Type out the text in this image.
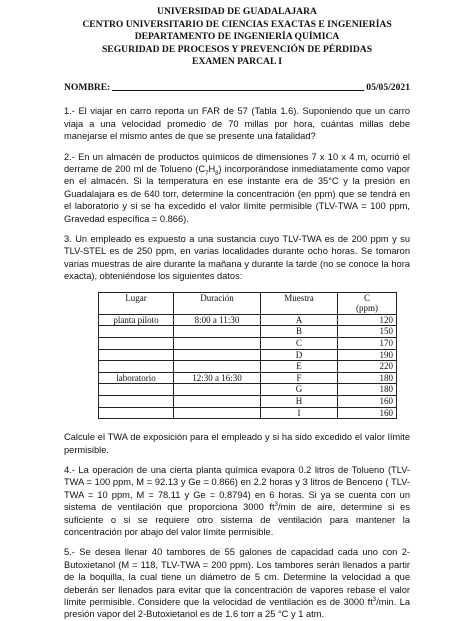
UNIVERSIDAD DE GUADALAJARA
CENTRO UNIVERSITARIO DE CIENCIAS EXACTAS E INGENIERÍAS
DEPARTAMENTO DE INGENIERÍA QUÍMICA
SEGURIDAD DE PROCESOS Y PREVENCIÓN DE PÉRDIDAS
EXAMEN PARCAL I
NOMBRE:	05/05/2021

1.- El viajar en carro reporta un FAR de 57 (Tabla 1.6). Suponiendo que un carro viaja a una velocidad promedio de 70 millas por hora, cuántas millas debe manejarse el mismo antes de que se presente una fatalidad?

2.- En un almacén de productos químicos de dimensiones 7 x 10 x 4 m, ocurrió el derrame de 200 ml de Tolueno $(C_7H_8)$ incorporándose inmediatamente como vapor en el almacén. Si la temperatura en ese instante era de 35°C y la presión en Guadalajara es de 640 torr, determine la concentración (en ppm) que se tendrá en el laboratorio y si se ha excedido el valor límite permisible (TLV-TWA = 100 ppm, Gravedad específica = 0.866).

3. Un empleado es expuesto a una sustancia cuyo TLV-TWA es de 200 ppm y su TLV-STEL es de 250 ppm, en varias localidades durante ocho horas. Se tomaron varias muestras de aire durante la mañana y durante la tarde (no se conoce la hora exacta), obteniéndose los siguientes datos:

Lugar	Duración	Muestra	C
(ppm)

planta piloto	8:00 a 11:30	A	120
		B	150
		C	170
		D	190
		E	220
laboratorio	12:30 a 16:30	F	180
		G	180
		H	160
		I	160

Calcule el TWA de exposición para el empleado y si ha sido excedido el valor límite permisible.

4.- La operación de una cierta planta química evapora 0.2 litros de Tolueno (TLV-TWA = 100 ppm, M = 92.13 y Ge = 0.866) en 2.2 horas y 3 litros de Benceno ( TLV-TWA = 10 ppm, M = 78.11 y Ge = 0.8794) en 6 horas. Si ya se cuenta con un sistema de ventilación que proporciona 3000 $ft^3/\min$ de aire, determine si es suficiente o si se requiere otro sistema de ventilación para mantener la concentración por abajo del valor límite permisible.

5.- Se desea llenar 40 tambores de 55 galones de capacidad cada uno con 2-Butoxietanol (M = 118, TLV-TWA = 200 ppm). Los tambores serán llenados a partir de la boquilla, la cual tiene un diámetro de 5 cm. Determine la velocidad a que deberán ser llenados para evitar que la concentración de vapores rebase el valor límite permisible. Considere que la velocidad de ventilación es de 3000 $ft^3/\min$. La presión vapor del 2-Butoxietanol es de 1.6 torr a 25 °C y 1 atm.
